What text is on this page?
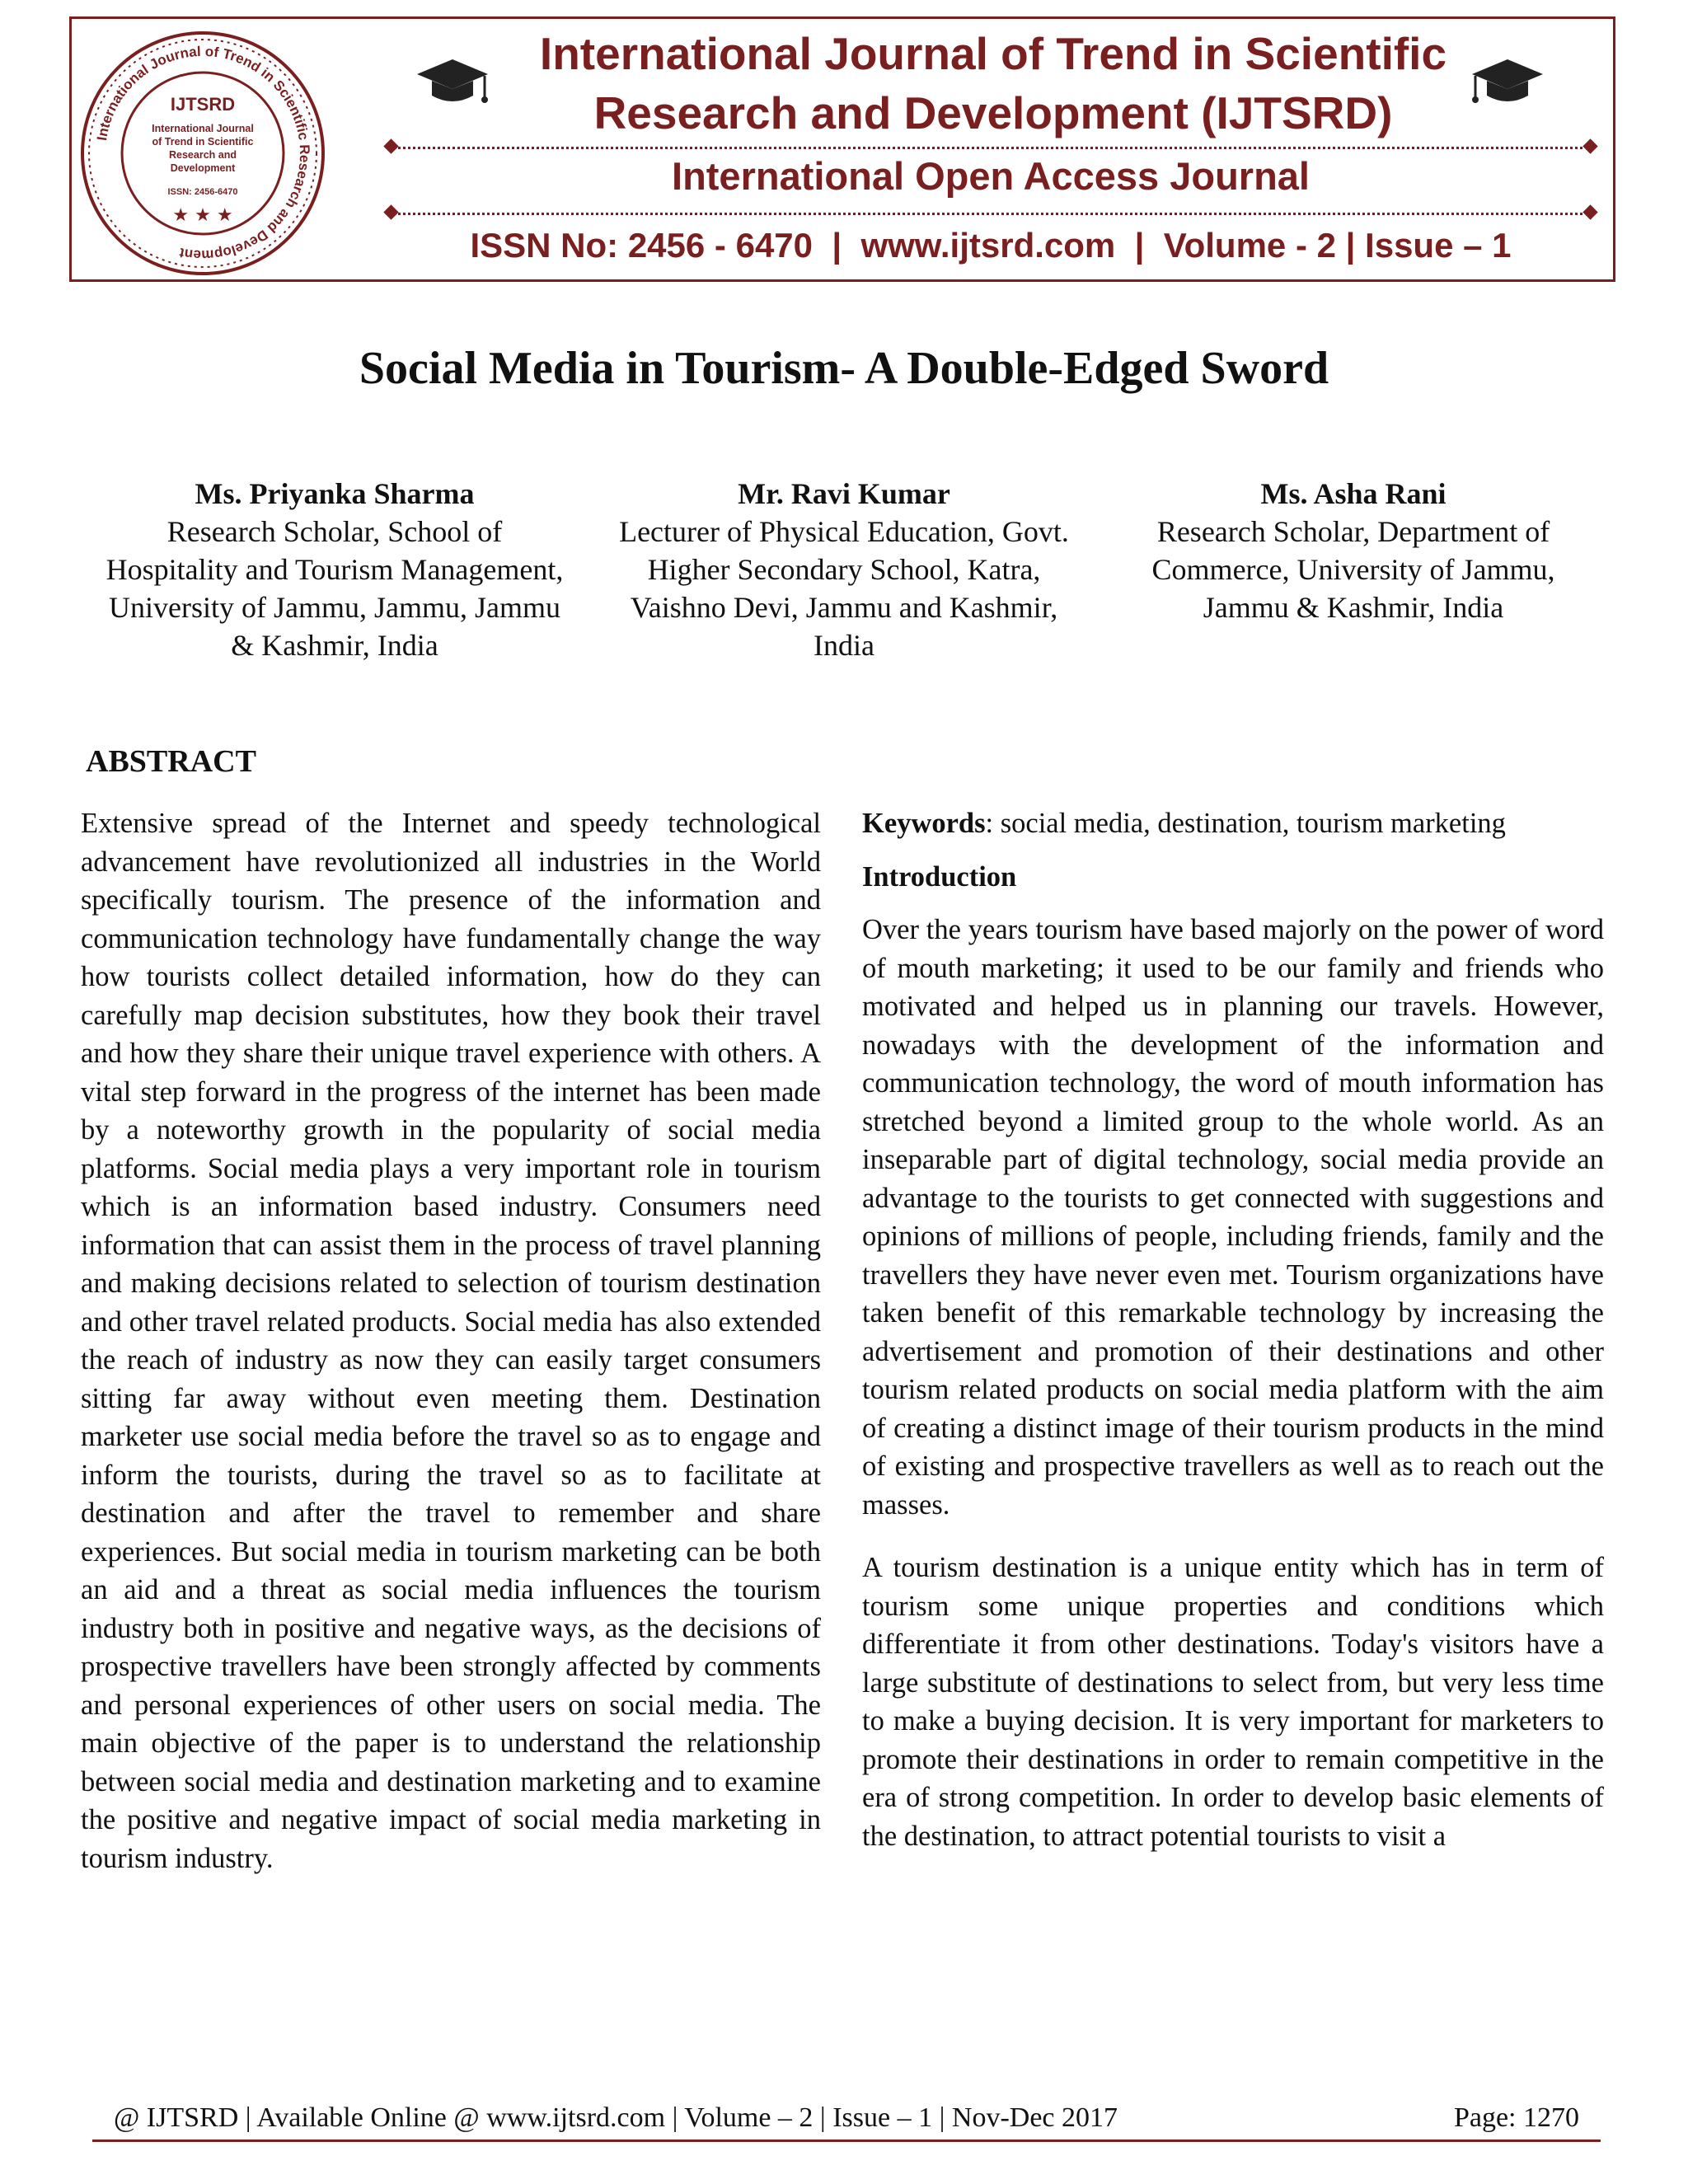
International Journal of Trend in Scientific Research and Development
IJTSRD
International Journal
of Trend in Scientific
Research and
Development
ISSN: 2456-6470
★ ★ ★
International Journal of Trend in Scientific
Research and Development (IJTSRD)
International Open Access Journal
ISSN No: 2456 - 6470  |  www.ijtsrd.com  |  Volume - 2 | Issue – 1
Social Media in Tourism- A Double-Edged Sword
Ms. Priyanka Sharma
Research Scholar, School of Hospitality and Tourism Management, University of Jammu, Jammu, Jammu & Kashmir, India
Mr. Ravi Kumar
Lecturer of Physical Education, Govt. Higher Secondary School, Katra, Vaishno Devi, Jammu and Kashmir, India
Ms. Asha Rani
Research Scholar, Department of Commerce, University of Jammu, Jammu & Kashmir, India
ABSTRACT

Extensive spread of the Internet and speedy technological advancement have revolutionized all industries in the World specifically tourism. The presence of the information and communication technology have fundamentally change the way how tourists collect detailed information, how do they can carefully map decision substitutes, how they book their travel and how they share their unique travel experience with others. A vital step forward in the progress of the internet has been made by a noteworthy growth in the popularity of social media platforms. Social media plays a very important role in tourism which is an information based industry. Consumers need information that can assist them in the process of travel planning and making decisions related to selection of tourism destination and other travel related products. Social media has also extended the reach of industry as now they can easily target consumers sitting far away without even meeting them. Destination marketer use social media before the travel so as to engage and inform the tourists, during the travel so as to facilitate at destination and after the travel to remember and share experiences. But social media in tourism marketing can be both an aid and a threat as social media influences the tourism industry both in positive and negative ways, as the decisions of prospective travellers have been strongly affected by comments and personal experiences of other users on social media. The main objective of the paper is to understand the relationship between social media and destination marketing and to examine the positive and negative impact of social media marketing in tourism industry.

Keywords: social media, destination, tourism marketing

Introduction

Over the years tourism have based majorly on the power of word of mouth marketing; it used to be our family and friends who motivated and helped us in planning our travels. However, nowadays with the development of the information and communication technology, the word of mouth information has stretched beyond a limited group to the whole world. As an inseparable part of digital technology, social media provide an advantage to the tourists to get connected with suggestions and opinions of millions of people, including friends, family and the travellers they have never even met. Tourism organizations have taken benefit of this remarkable technology by increasing the advertisement and promotion of their destinations and other tourism related products on social media platform with the aim of creating a distinct image of their tourism products in the mind of existing and prospective travellers as well as to reach out the masses.

A tourism destination is a unique entity which has in term of tourism some unique properties and conditions which differentiate it from other destinations. Today's visitors have a large substitute of destinations to select from, but very less time to make a buying decision. It is very important for marketers to promote their destinations in order to remain competitive in the era of strong competition. In order to develop basic elements of the destination, to attract potential tourists to visit a

@ IJTSRD | Available Online @ www.ijtsrd.com | Volume – 2 | Issue – 1 | Nov-Dec 2017	Page: 1270
